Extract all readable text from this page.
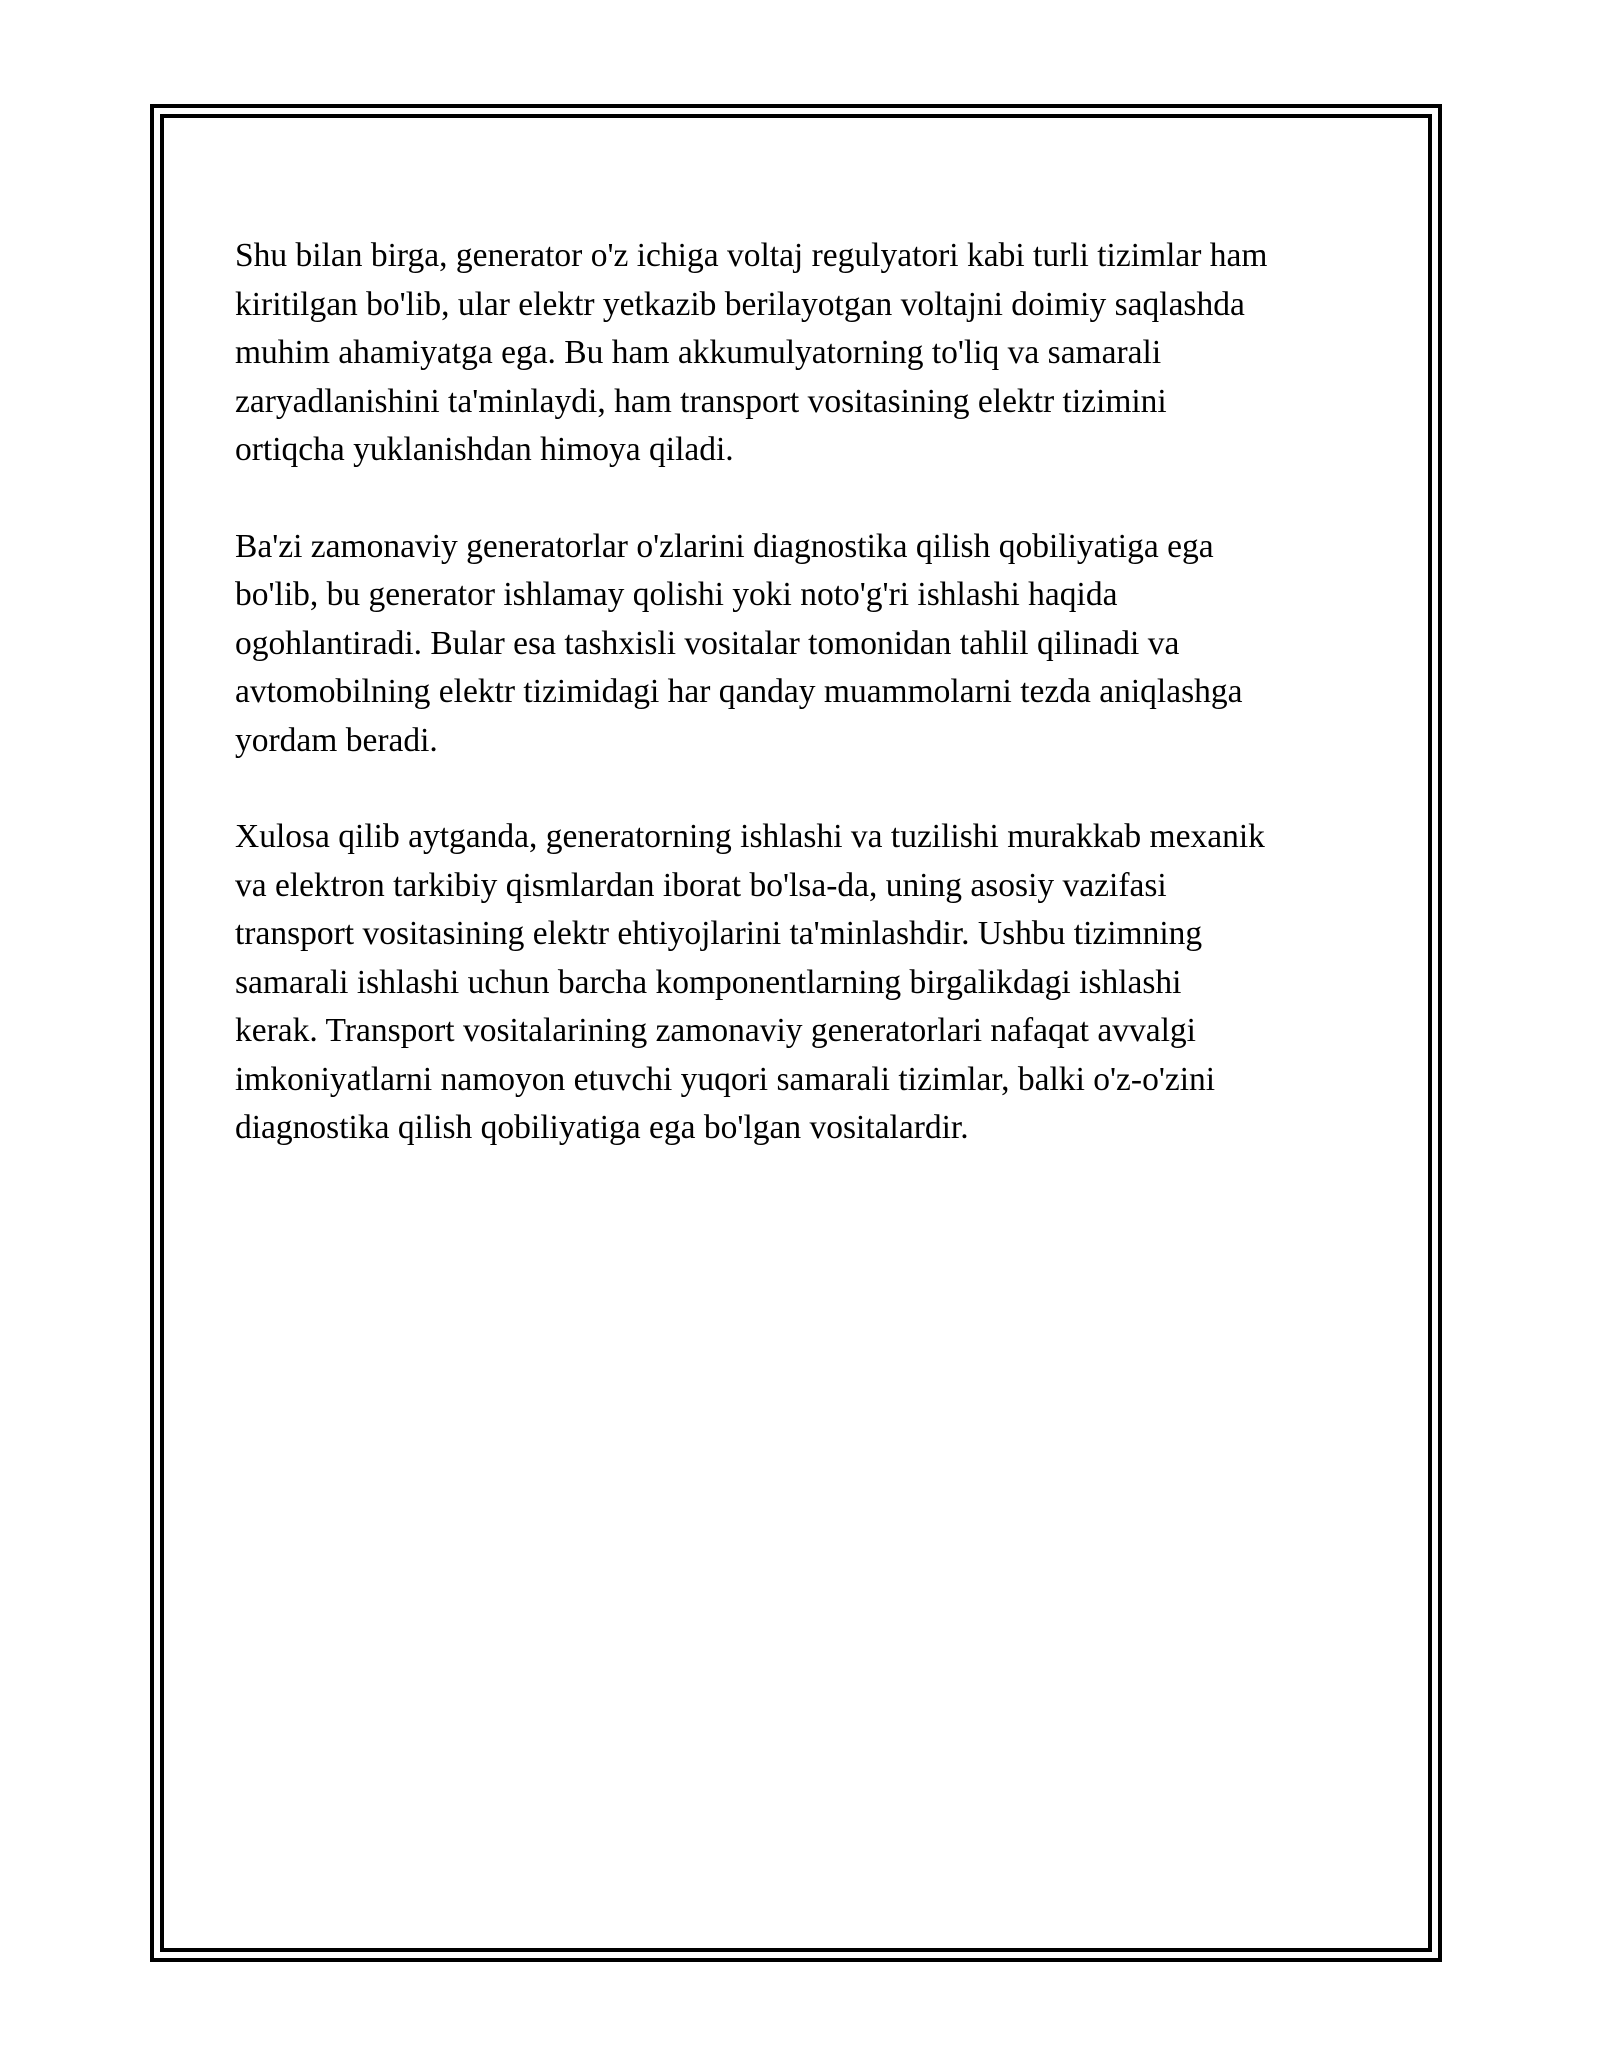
Shu bilan birga, generator o'z ichiga voltaj regulyatori kabi turli tizimlar ham
kiritilgan bo'lib, ular elektr yetkazib berilayotgan voltajni doimiy saqlashda
muhim ahamiyatga ega. Bu ham akkumulyatorning to'liq va samarali
zaryadlanishini ta'minlaydi, ham transport vositasining elektr tizimini
ortiqcha yuklanishdan himoya qiladi.

Ba'zi zamonaviy generatorlar o'zlarini diagnostika qilish qobiliyatiga ega
bo'lib, bu generator ishlamay qolishi yoki noto'g'ri ishlashi haqida
ogohlantiradi. Bular esa tashxisli vositalar tomonidan tahlil qilinadi va
avtomobilning elektr tizimidagi har qanday muammolarni tezda aniqlashga
yordam beradi.

Xulosa qilib aytganda, generatorning ishlashi va tuzilishi murakkab mexanik
va elektron tarkibiy qismlardan iborat bo'lsa-da, uning asosiy vazifasi
transport vositasining elektr ehtiyojlarini ta'minlashdir. Ushbu tizimning
samarali ishlashi uchun barcha komponentlarning birgalikdagi ishlashi
kerak. Transport vositalarining zamonaviy generatorlari nafaqat avvalgi
imkoniyatlarni namoyon etuvchi yuqori samarali tizimlar, balki o'z-o'zini
diagnostika qilish qobiliyatiga ega bo'lgan vositalardir.
